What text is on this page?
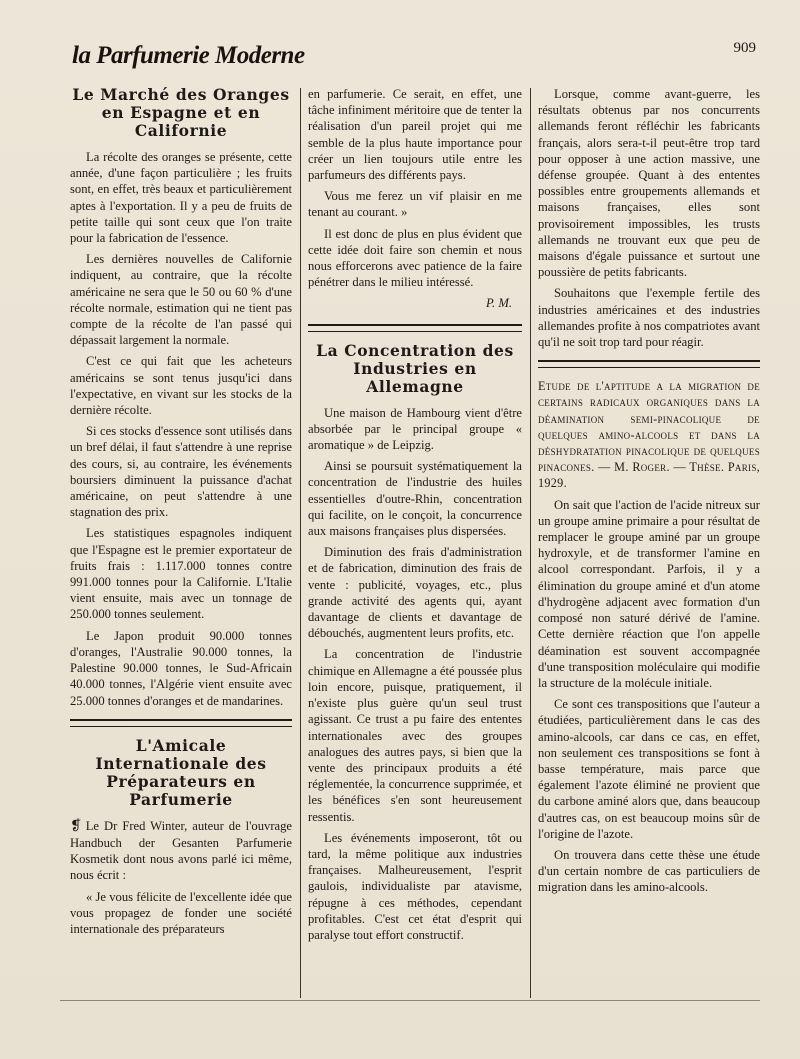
la Parfumerie Moderne	909
Le Marché des Oranges en Espagne et en Californie

La récolte des oranges se présente, cette année, d'une façon particulière ; les fruits sont, en effet, très beaux et particulièrement aptes à l'exportation. Il y a peu de fruits de petite taille qui sont ceux que l'on traite pour la fabrication de l'essence.

Les dernières nouvelles de Californie indiquent, au contraire, que la récolte américaine ne sera que le 50 ou 60 % d'une récolte normale, estimation qui ne tient pas compte de la récolte de l'an passé qui dépassait largement la normale.

C'est ce qui fait que les acheteurs américains se sont tenus jusqu'ici dans l'expectative, en vivant sur les stocks de la dernière récolte.

Si ces stocks d'essence sont utilisés dans un bref délai, il faut s'attendre à une reprise des cours, si, au contraire, les événements boursiers diminuent la puissance d'achat américaine, on peut s'attendre à une stagnation des prix.

Les statistiques espagnoles indiquent que l'Espagne est le premier exportateur de fruits frais : 1.117.000 tonnes contre 991.000 tonnes pour la Californie. L'Italie vient ensuite, mais avec un tonnage de 250.000 tonnes seulement.

Le Japon produit 90.000 tonnes d'oranges, l'Australie 90.000 tonnes, la Palestine 90.000 tonnes, le Sud-Africain 40.000 tonnes, l'Algérie vient ensuite avec 25.000 tonnes d'oranges et de mandarines.

L'Amicale Internationale des Préparateurs en Parfumerie

❡ Le Dr Fred Winter, auteur de l'ouvrage Handbuch der Gesanten Parfumerie Kosmetik dont nous avons parlé ici même, nous écrit :

« Je vous félicite de l'excellente idée que vous propagez de fonder une société internationale des préparateurs

en parfumerie. Ce serait, en effet, une tâche infiniment méritoire que de tenter la réalisation d'un pareil projet qui me semble de la plus haute importance pour créer un lien toujours utile entre les parfumeurs des différents pays.

Vous me ferez un vif plaisir en me tenant au courant. »

Il est donc de plus en plus évident que cette idée doit faire son chemin et nous nous efforcerons avec patience de la faire pénétrer dans le milieu intéressé.

P. M.
La Concentration des Industries en Allemagne

Une maison de Hambourg vient d'être absorbée par le principal groupe « aromatique » de Leipzig.

Ainsi se poursuit systématiquement la concentration de l'industrie des huiles essentielles d'outre-Rhin, concentration qui facilite, on le conçoit, la concurrence aux maisons françaises plus dispersées.

Diminution des frais d'administration et de fabrication, diminution des frais de vente : publicité, voyages, etc., plus grande activité des agents qui, ayant davantage de clients et davantage de débouchés, augmentent leurs profits, etc.

La concentration de l'industrie chimique en Allemagne a été poussée plus loin encore, puisque, pratiquement, il n'existe plus guère qu'un seul trust agissant. Ce trust a pu faire des ententes internationales avec des groupes analogues des autres pays, si bien que la vente des principaux produits a été réglementée, la concurrence supprimée, et les bénéfices s'en sont heureusement ressentis.

Les événements imposeront, tôt ou tard, la même politique aux industries françaises. Malheureusement, l'esprit gaulois, individualiste par atavisme, répugne à ces méthodes, cependant profitables. C'est cet état d'esprit qui paralyse tout effort constructif.

Lorsque, comme avant-guerre, les résultats obtenus par nos concurrents allemands feront réfléchir les fabricants français, alors sera-t-il peut-être trop tard pour opposer à une action massive, une défense groupée. Quant à des ententes possibles entre groupements allemands et maisons françaises, elles sont provisoirement impossibles, les trusts allemands ne trouvant eux que peu de maisons d'égale puissance et surtout une poussière de petits fabricants.

Souhaitons que l'exemple fertile des industries américaines et des industries allemandes profite à nos compatriotes avant qu'il ne soit trop tard pour réagir.

Etude de l'aptitude a la migration de certains radicaux organiques dans la déamination semi-pinacolique de quelques amino-alcools et dans la déshydratation pinacolique de quelques pinacones. — M. Roger. — Thèse. Paris, 1929.

On sait que l'action de l'acide nitreux sur un groupe amine primaire a pour résultat de remplacer le groupe aminé par un groupe hydroxyle, et de transformer l'amine en alcool correspondant. Parfois, il y a élimination du groupe aminé et d'un atome d'hydrogène adjacent avec formation d'un composé non saturé dérivé de l'amine. Cette dernière réaction que l'on appelle déamination est souvent accompagnée d'une transposition moléculaire qui modifie la structure de la molécule initiale.

Ce sont ces transpositions que l'auteur a étudiées, particulièrement dans le cas des amino-alcools, car dans ce cas, en effet, non seulement ces transpositions se font à basse température, mais parce que également l'azote éliminé ne provient que du carbone aminé alors que, dans beaucoup d'autres cas, on est beaucoup moins sûr de l'origine de l'azote.

On trouvera dans cette thèse une étude d'un certain nombre de cas particuliers de migration dans les amino-alcools.
